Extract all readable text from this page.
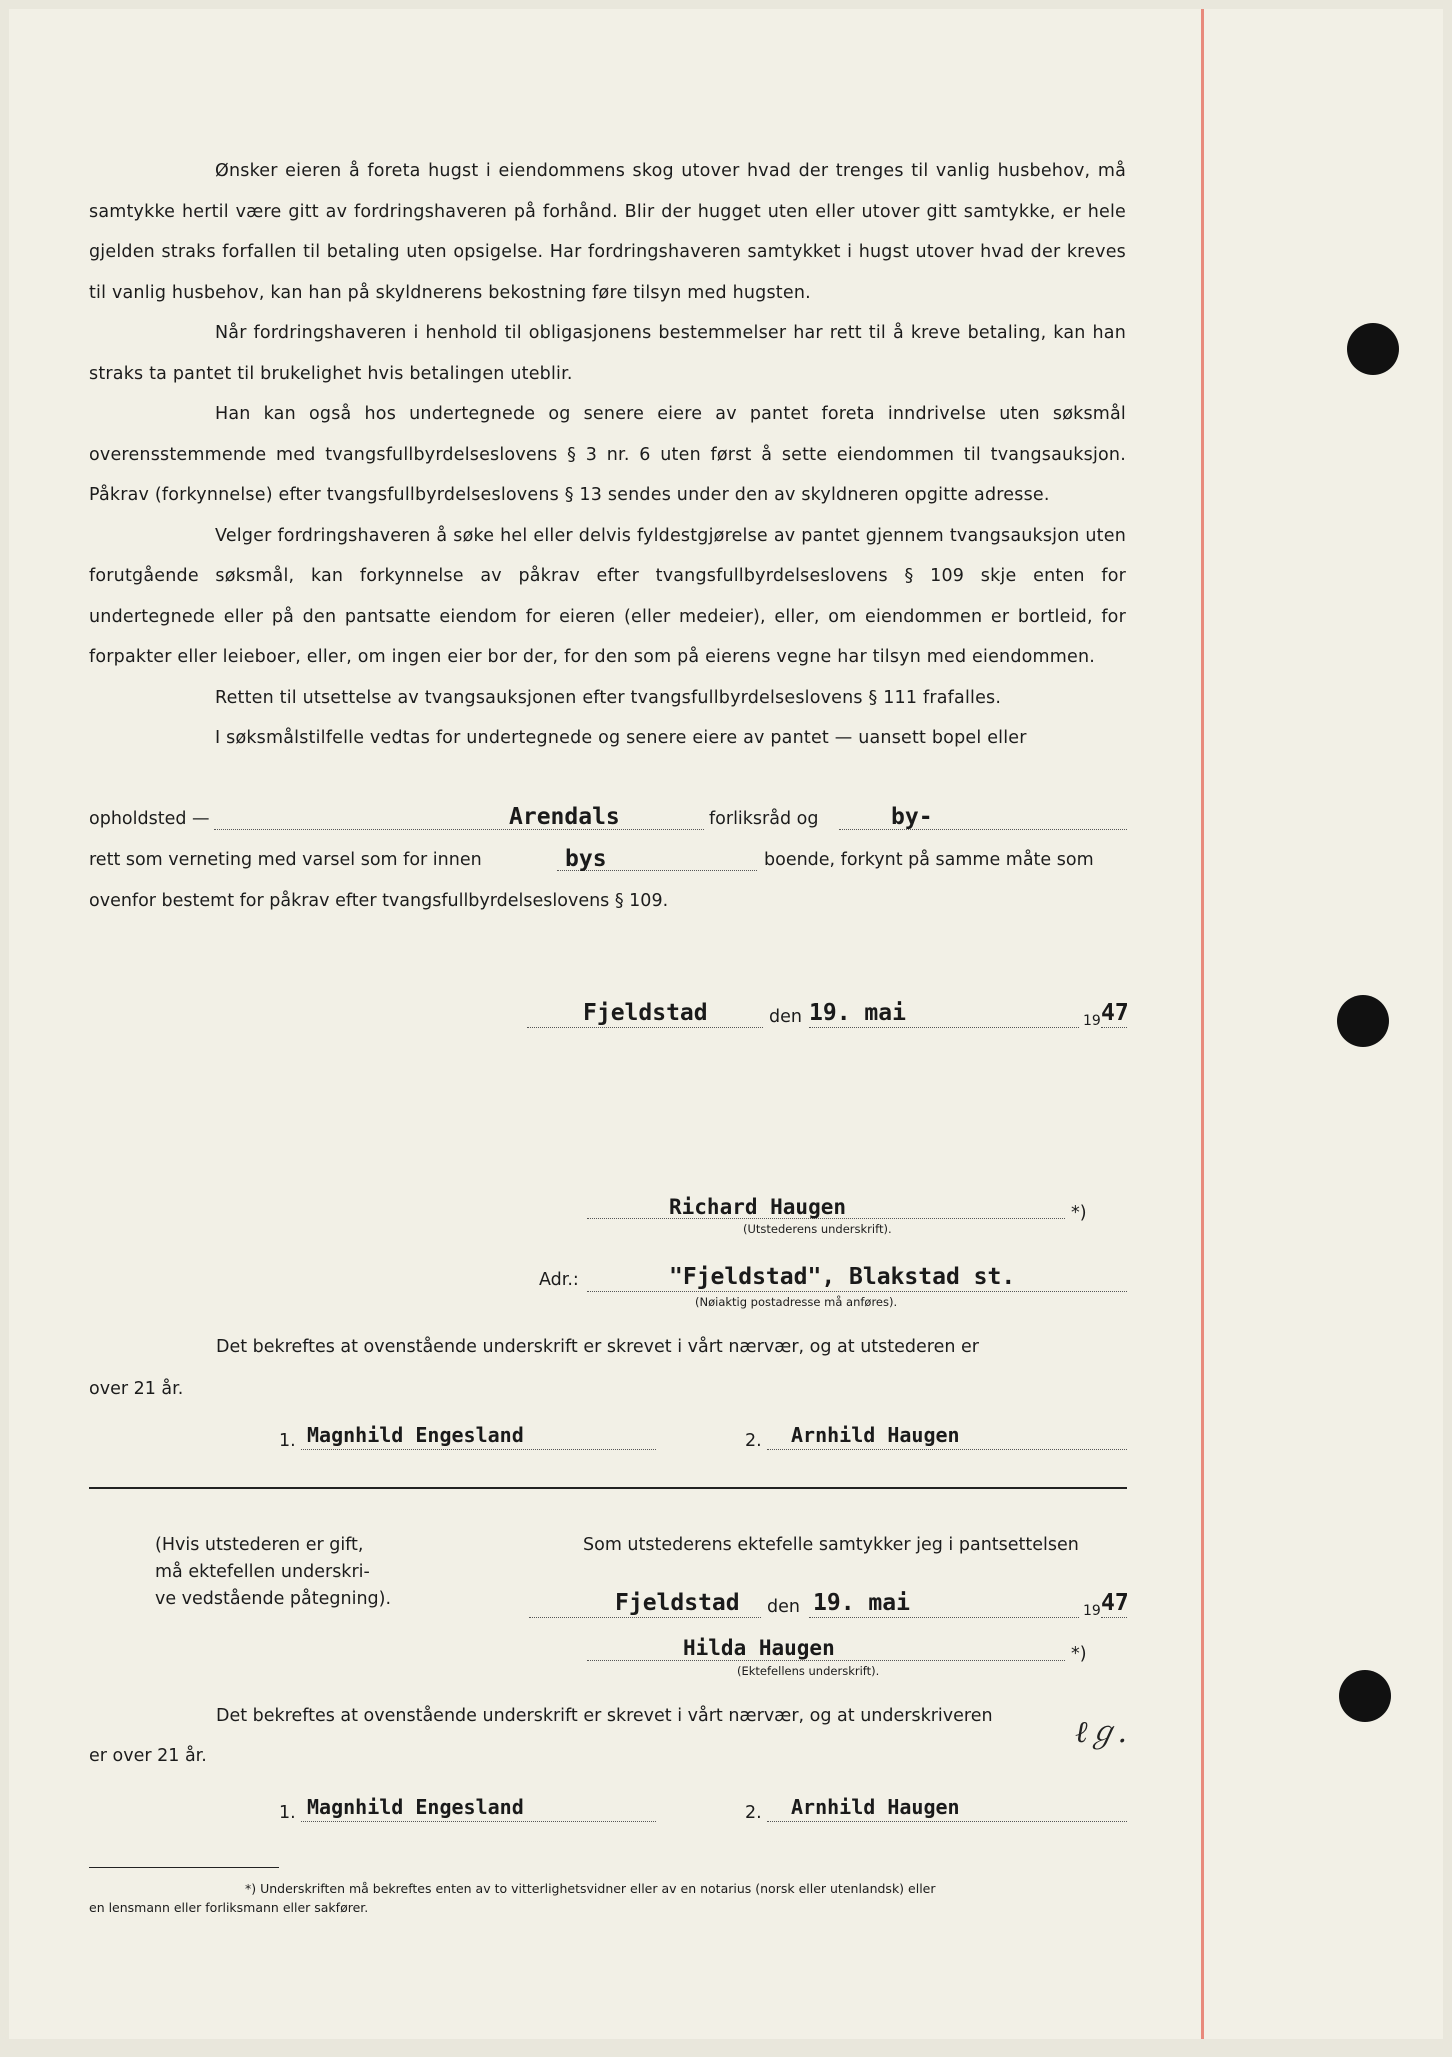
Ønsker eieren å foreta hugst i eiendommens skog utover hvad der trenges til vanlig husbehov, må samtykke hertil være gitt av fordringshaveren på forhånd. Blir der hugget uten eller utover gitt samtykke, er hele gjelden straks forfallen til betaling uten opsigelse. Har fordringshaveren samtykket i hugst utover hvad der kreves til vanlig husbehov, kan han på skyldnerens bekostning føre tilsyn med hugsten.

Når fordringshaveren i henhold til obligasjonens bestemmelser har rett til å kreve betaling, kan han straks ta pantet til brukelighet hvis betalingen uteblir.

Han kan også hos undertegnede og senere eiere av pantet foreta inndrivelse uten søksmål overensstemmende med tvangsfullbyrdelseslovens § 3 nr. 6 uten først å sette eiendommen til tvangsauksjon. Påkrav (forkynnelse) efter tvangsfullbyrdelseslovens § 13 sendes under den av skyldneren opgitte adresse.

Velger fordringshaveren å søke hel eller delvis fyldestgjørelse av pantet gjennem tvangsauksjon uten forutgående søksmål, kan forkynnelse av påkrav efter tvangsfullbyrdelseslovens § 109 skje enten for undertegnede eller på den pantsatte eiendom for eieren (eller medeier), eller, om eiendommen er bortleid, for forpakter eller leieboer, eller, om ingen eier bor der, for den som på eierens vegne har tilsyn med eiendommen.

Retten til utsettelse av tvangsauksjonen efter tvangsfullbyrdelseslovens § 111 frafalles.

I søksmålstilfelle vedtas for undertegnede og senere eiere av pantet — uansett bopel eller

opholdsted —	Arendals	forliksråd og	by-
rett som verneting med varsel som for innen	bys	boende, forkynt på samme måte som
ovenfor bestemt for påkrav efter tvangsfullbyrdelseslovens § 109.
Fjeldstad	den 19. mai	19 47
Richard Haugen	*)
(Utstederens underskrift).
Adr.:	"Fjeldstad", Blakstad st.
(Nøiaktig postadresse må anføres).
Det bekreftes at ovenstående underskrift er skrevet i vårt nærvær, og at utstederen er
over 21 år.
1. Magnhild Engesland	2. Arnhild Haugen
(Hvis utstederen er gift,
må ektefellen underskri-
ve vedstående påtegning).
Som utstederens ektefelle samtykker jeg i pantsettelsen
Fjeldstad den 19. mai	19 47
Hilda Haugen	*)
(Ektefellens underskrift).
Det bekreftes at ovenstående underskrift er skrevet i vårt nærvær, og at underskriveren
er over 21 år.
ℓℊ.
1. Magnhild Engesland	2. Arnhild Haugen
*) Underskriften må bekreftes enten av to vitterlighetsvidner eller av en notarius (norsk eller utenlandsk) eller
en lensmann eller forliksmann eller sakfører.
